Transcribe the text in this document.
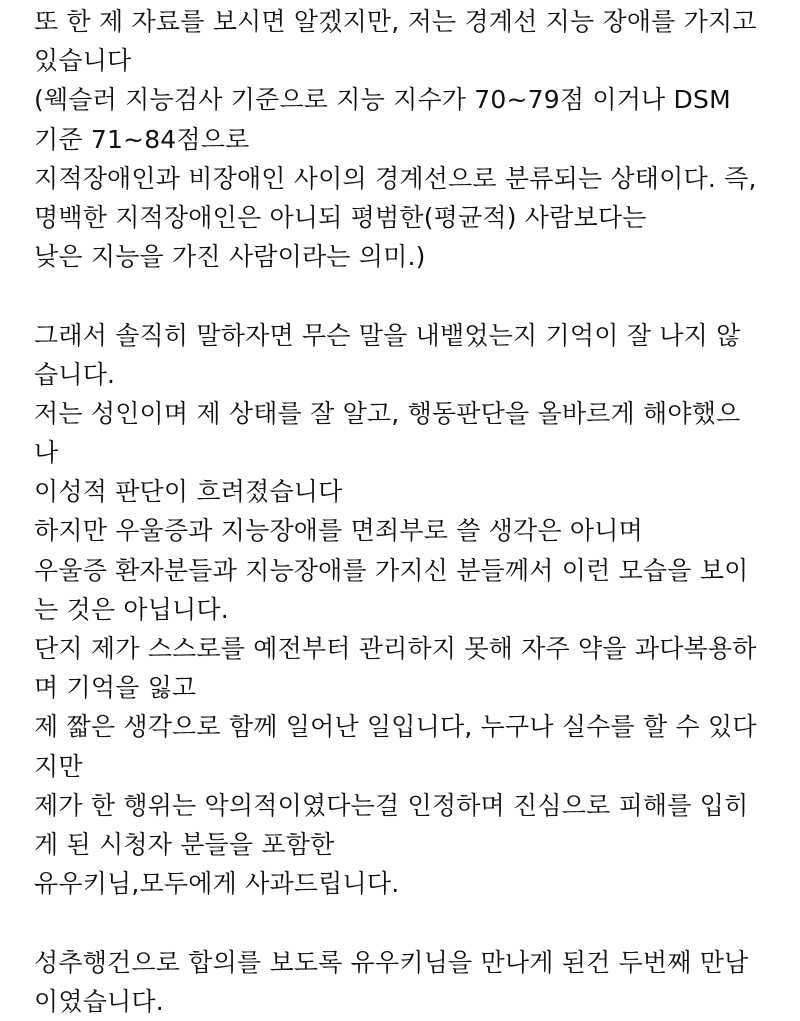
또 한 제 자료를 보시면 알겠지만, 저는 경계선 지능 장애를 가지고
있습니다
(웩슬러 지능검사 기준으로 지능 지수가 70~79점 이거나 DSM
기준 71~84점으로
지적장애인과 비장애인 사이의 경계선으로 분류되는 상태이다. 즉,
명백한 지적장애인은 아니되 평범한(평균적) 사람보다는
낮은 지능을 가진 사람이라는 의미.)
그래서 솔직히 말하자면 무슨 말을 내뱉었는지 기억이 잘 나지 않
습니다.
저는 성인이며 제 상태를 잘 알고, 행동판단을 올바르게 해야했으
나
이성적 판단이 흐려졌습니다
하지만 우울증과 지능장애를 면죄부로 쓸 생각은 아니며
우울증 환자분들과 지능장애를 가지신 분들께서 이런 모습을 보이
는 것은 아닙니다.
단지 제가 스스로를 예전부터 관리하지 못해 자주 약을 과다복용하
며 기억을 잃고
제 짧은 생각으로 함께 일어난 일입니다, 누구나 실수를 할 수 있다
지만
제가 한 행위는 악의적이였다는걸 인정하며 진심으로 피해를 입히
게 된 시청자 분들을 포함한
유우키님,모두에게 사과드립니다.
성추행건으로 합의를 보도록 유우키님을 만나게 된건 두번째 만남
이였습니다.
